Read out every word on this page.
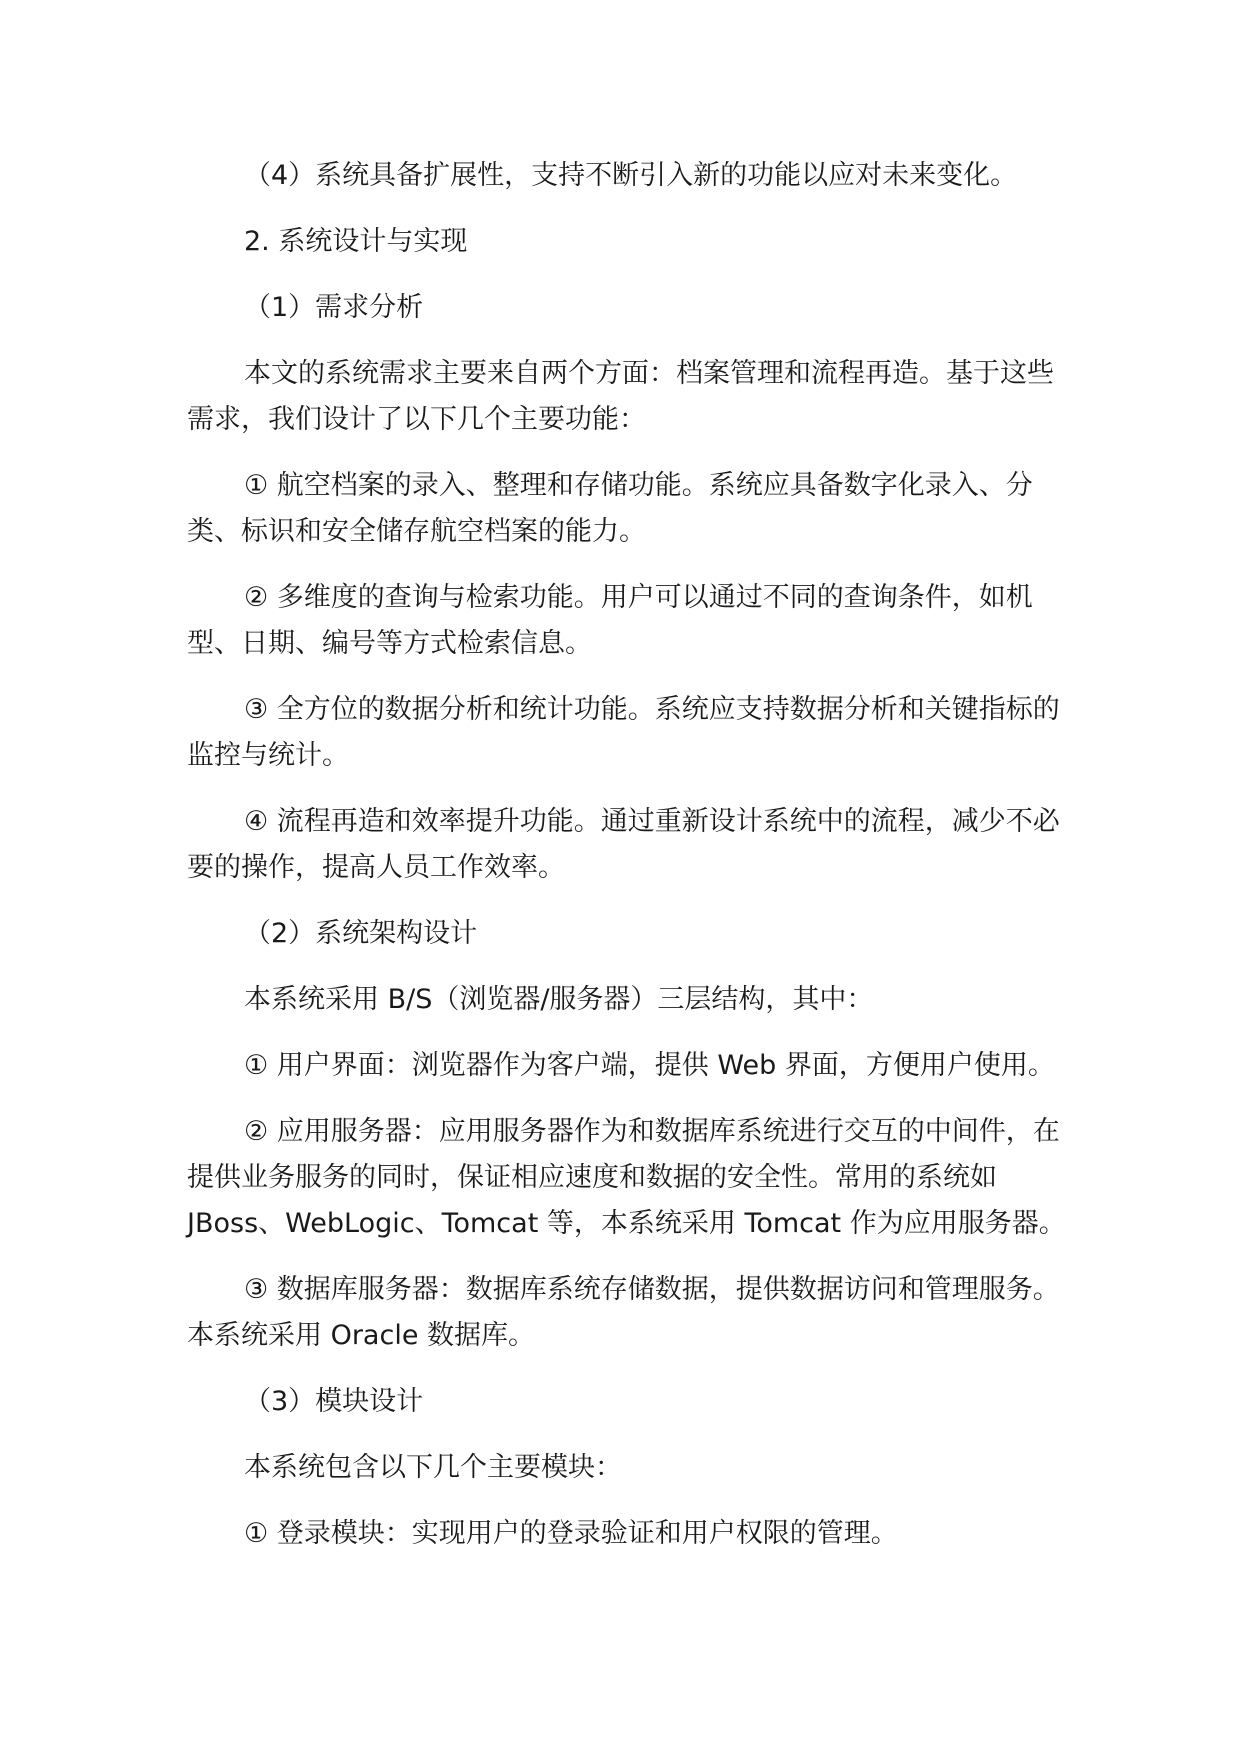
（4）系统具备扩展性，支持不断引入新的功能以应对未来变化。

2. 系统设计与实现

（1）需求分析

本文的系统需求主要来自两个方面：档案管理和流程再造。基于这些需求，我们设计了以下几个主要功能：

① 航空档案的录入、整理和存储功能。系统应具备数字化录入、分类、标识和安全储存航空档案的能力。

② 多维度的查询与检索功能。用户可以通过不同的查询条件，如机型、日期、编号等方式检索信息。

③ 全方位的数据分析和统计功能。系统应支持数据分析和关键指标的监控与统计。

④ 流程再造和效率提升功能。通过重新设计系统中的流程，减少不必要的操作，提高人员工作效率。

（2）系统架构设计

本系统采用 B/S（浏览器/服务器）三层结构，其中：

① 用户界面：浏览器作为客户端，提供 Web 界面，方便用户使用。

② 应用服务器：应用服务器作为和数据库系统进行交互的中间件，在提供业务服务的同时，保证相应速度和数据的安全性。常用的系统如 JBoss、WebLogic、Tomcat 等，本系统采用 Tomcat 作为应用服务器。

③ 数据库服务器：数据库系统存储数据，提供数据访问和管理服务。本系统采用 Oracle 数据库。

（3）模块设计

本系统包含以下几个主要模块：

① 登录模块：实现用户的登录验证和用户权限的管理。
